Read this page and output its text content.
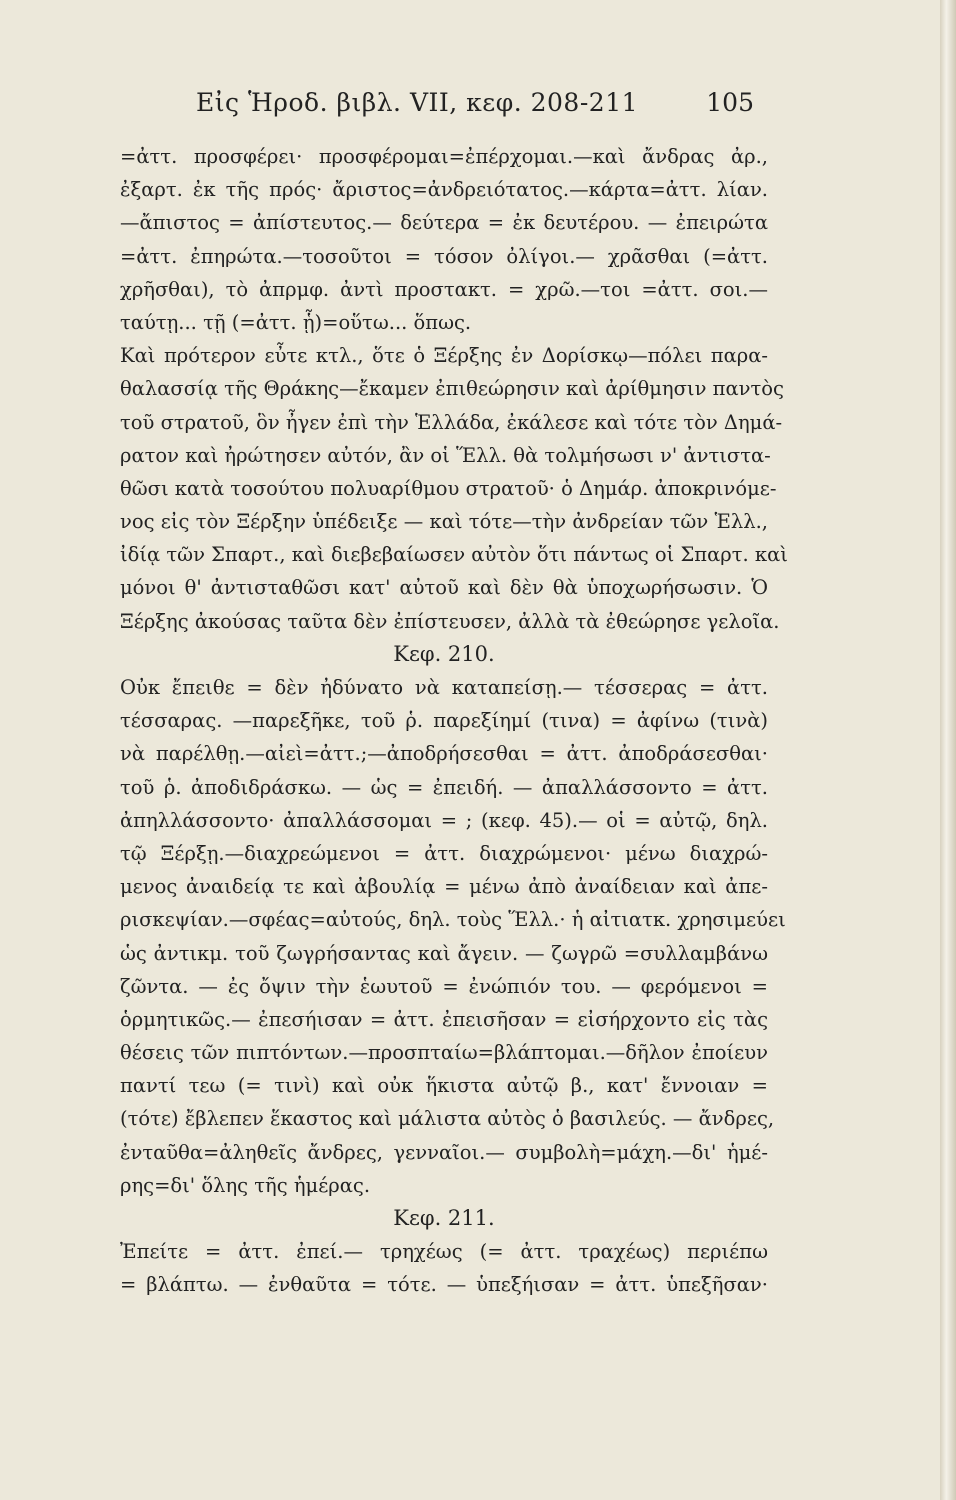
Εἰς Ἡροδ. βιβλ. VII, κεφ. 208-211	105
=ἀττ. προσφέρει· προσφέρομαι=ἐπέρχομαι.—καὶ ἄνδρας ἀρ.,
ἐξαρτ. ἐκ τῆς πρός· ἄριστος=ἀνδρειότατος.—κάρτα=ἀττ. λίαν.
—ἄπιστος = ἀπίστευτος.— δεύτερα = ἐκ δευτέρου. — ἐπειρώτα
=ἀττ. ἐπηρώτα.—τοσοῦτοι = τόσον ὀλίγοι.— χρᾶσθαι (=ἀττ.
χρῆσθαι), τὸ ἀπρμφ. ἀντὶ προστακτ. = χρῶ.—τοι =ἀττ. σοι.—
ταύτῃ... τῇ (=ἀττ. ᾗ)=οὕτω... ὅπως.
Καὶ πρότερον εὖτε κτλ., ὅτε ὁ Ξέρξης ἐν Δορίσκῳ—πόλει παρα-
θαλασσίᾳ τῆς Θράκης—ἔκαμεν ἐπιθεώρησιν καὶ ἀρίθμησιν παντὸς
τοῦ στρατοῦ, ὃν ἦγεν ἐπὶ τὴν Ἑλλάδα, ἐκάλεσε καὶ τότε τὸν Δημά-
ρατον καὶ ἠρώτησεν αὐτόν, ἂν οἱ Ἕλλ. θὰ τολμήσωσι ν' ἀντιστα-
θῶσι κατὰ τοσούτου πολυαρίθμου στρατοῦ· ὁ Δημάρ. ἀποκρινόμε-
νος εἰς τὸν Ξέρξην ὑπέδειξε — καὶ τότε—τὴν ἀνδρείαν τῶν Ἑλλ.,
ἰδίᾳ τῶν Σπαρτ., καὶ διεβεβαίωσεν αὐτὸν ὅτι πάντως οἱ Σπαρτ. καὶ
μόνοι θ' ἀντισταθῶσι κατ' αὐτοῦ καὶ δὲν θὰ ὑποχωρήσωσιν. Ὁ
Ξέρξης ἀκούσας ταῦτα δὲν ἐπίστευσεν, ἀλλὰ τὰ ἐθεώρησε γελοῖα.
Κεφ. 210.
Οὐκ ἔπειθε = δὲν ἠδύνατο νὰ καταπείσῃ.— τέσσερας = ἀττ.
τέσσαρας. —παρεξῆκε, τοῦ ῥ. παρεξίημί (τινα) = ἀφίνω (τινὰ)
νὰ παρέλθῃ.—αἰεὶ=ἀττ.;—ἀποδρήσεσθαι = ἀττ. ἀποδράσεσθαι·
τοῦ ῥ. ἀποδιδράσκω. — ὡς = ἐπειδή. — ἀπαλλάσσοντο = ἀττ.
ἀπηλλάσσοντο· ἀπαλλάσσομαι = ; (κεφ. 45).— οἱ = αὐτῷ, δηλ.
τῷ Ξέρξῃ.—διαχρεώμενοι = ἀττ. διαχρώμενοι· μένω διαχρώ-
μενος ἀναιδείᾳ τε καὶ ἀβουλίᾳ = μένω ἀπὸ ἀναίδειαν καὶ ἀπε-
ρισκεψίαν.—σφέας=αὐτούς, δηλ. τοὺς Ἕλλ.· ἡ αἰτιατκ. χρησιμεύει
ὡς ἀντικμ. τοῦ ζωγρήσαντας καὶ ἄγειν. — ζωγρῶ =συλλαμβάνω
ζῶντα. — ἐς ὄψιν τὴν ἑωυτοῦ = ἐνώπιόν του. — φερόμενοι =
ὁρμητικῶς.— ἐπεσήισαν = ἀττ. ἐπεισῆσαν = εἰσήρχοντο εἰς τὰς
θέσεις τῶν πιπτόντων.—προσπταίω=βλάπτομαι.—δῆλον ἐποίευν
παντί τεω (= τινὶ) καὶ οὐκ ἥκιστα αὐτῷ β., κατ' ἔννοιαν =
(τότε) ἔβλεπεν ἕκαστος καὶ μάλιστα αὐτὸς ὁ βασιλεύς. — ἄνδρες,
ἐνταῦθα=ἀληθεῖς ἄνδρες, γενναῖοι.— συμβολὴ=μάχη.—δι' ἡμέ-
ρης=δι' ὅλης τῆς ἡμέρας.
Κεφ. 211.
Ἐπείτε = ἀττ. ἐπεί.— τρηχέως (= ἀττ. τραχέως) περιέπω
= βλάπτω. — ἐνθαῦτα = τότε. — ὑπεξήισαν = ἀττ. ὑπεξῆσαν·
